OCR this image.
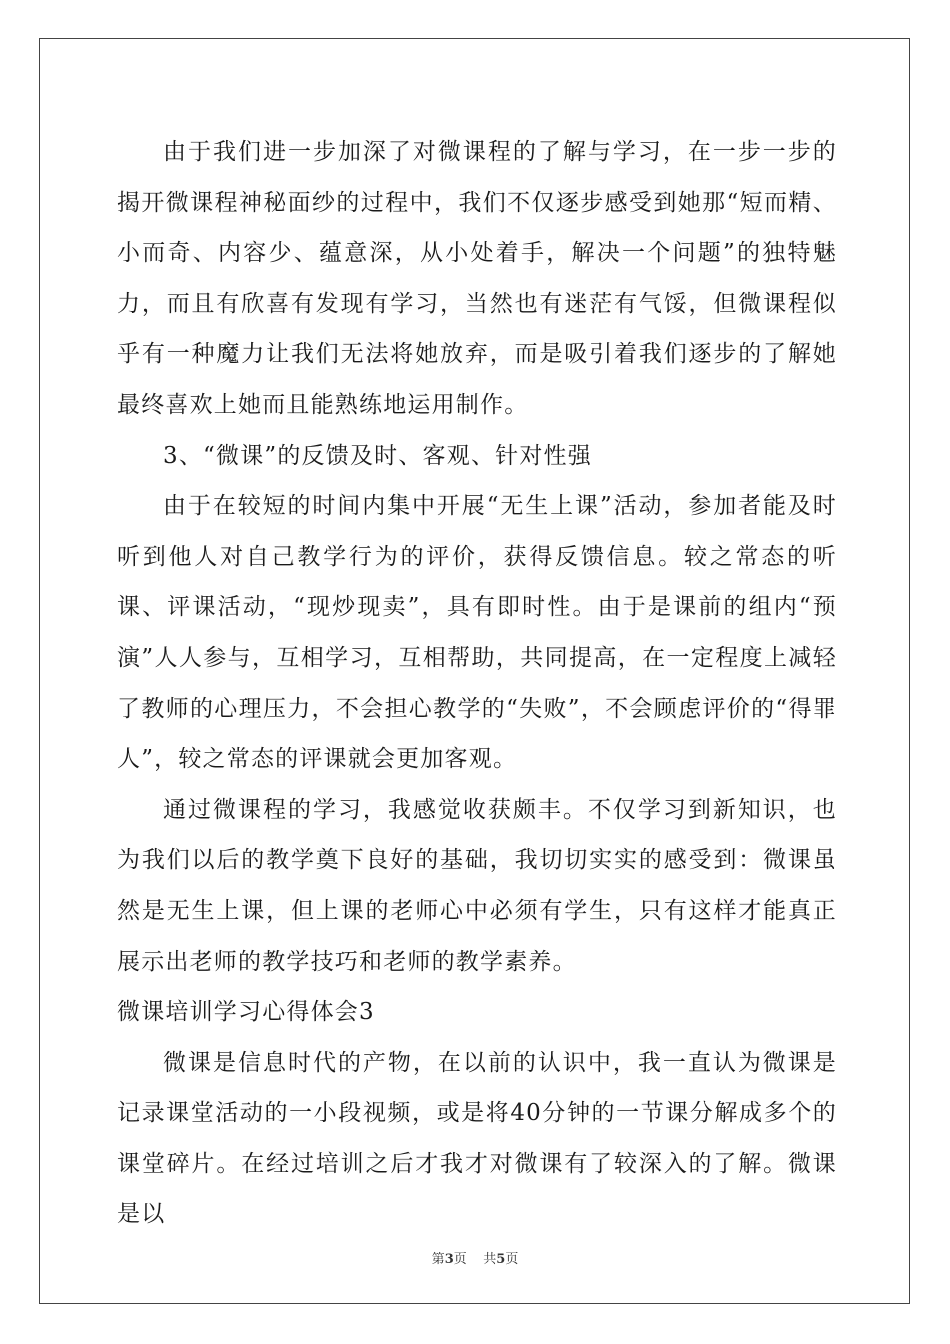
由于我们进一步加深了对微课程的了解与学习，在一步一步的揭开微课程神秘面纱的过程中，我们不仅逐步感受到她那“短而精、小而奇、内容少、蕴意深，从小处着手，解决一个问题”的独特魅力，而且有欣喜有发现有学习，当然也有迷茫有气馁，但微课程似乎有一种魔力让我们无法将她放弃，而是吸引着我们逐步的了解她最终喜欢上她而且能熟练地运用制作。

3、“微课”的反馈及时、客观、针对性强

由于在较短的时间内集中开展“无生上课”活动，参加者能及时听到他人对自己教学行为的评价，获得反馈信息。较之常态的听课、评课活动，“现炒现卖”，具有即时性。由于是课前的组内“预演”人人参与，互相学习，互相帮助，共同提高，在一定程度上减轻了教师的心理压力，不会担心教学的“失败”，不会顾虑评价的“得罪人”，较之常态的评课就会更加客观。

通过微课程的学习，我感觉收获颇丰。不仅学习到新知识，也为我们以后的教学奠下良好的基础，我切切实实的感受到：微课虽然是无生上课，但上课的老师心中必须有学生，只有这样才能真正展示出老师的教学技巧和老师的教学素养。

微课培训学习心得体会3

微课是信息时代的产物，在以前的认识中，我一直认为微课是记录课堂活动的一小段视频，或是将40分钟的一节课分解成多个的课堂碎片。在经过培训之后才我才对微课有了较深入的了解。微课是以

第3页    共5页
